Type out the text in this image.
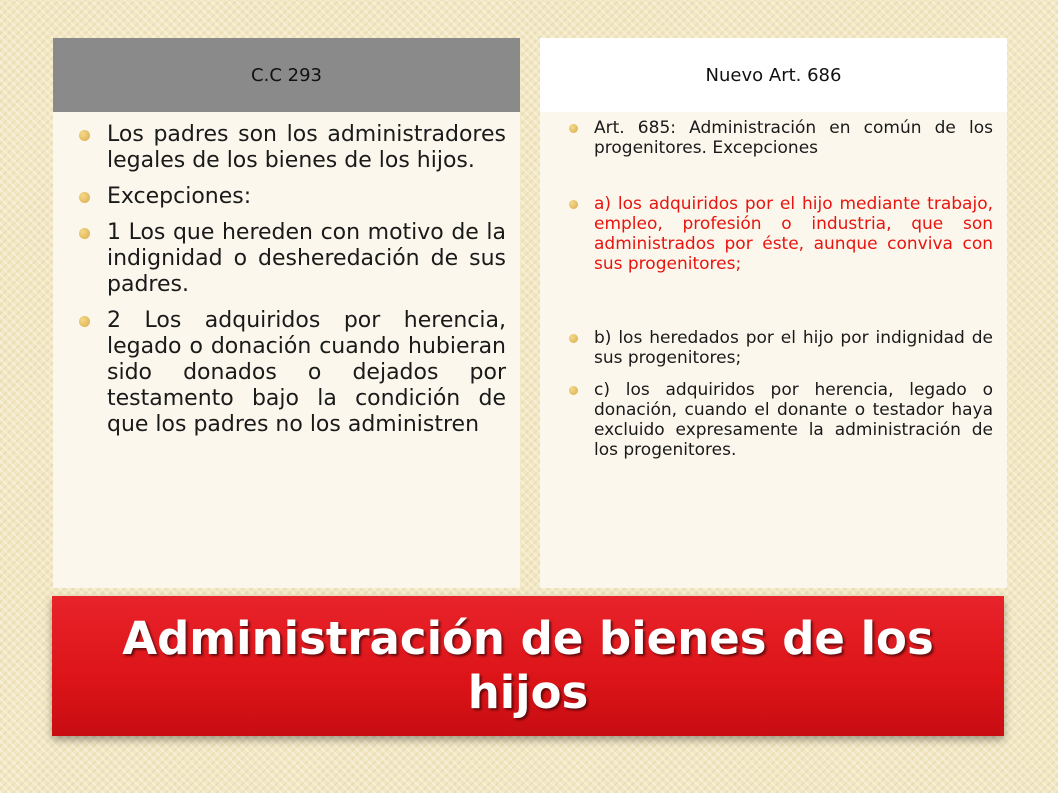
C.C 293
Los padres son los administradores legales de los bienes de los hijos.
Excepciones:
1 Los que hereden con motivo de la indignidad o desheredación de sus padres.
2 Los adquiridos por herencia, legado o donación cuando hubieran sido donados o dejados por testamento bajo la condición de que los padres no los administren
Nuevo Art. 686
Art. 685: Administración en común de los progenitores. Excepciones
a) los adquiridos por el hijo mediante trabajo, empleo, profesión o industria, que son administrados por éste, aunque conviva con sus progenitores;
b) los heredados por el hijo por indignidad de sus progenitores;
c) los adquiridos por herencia, legado o donación, cuando el donante o testador haya excluido expresamente la administración de los progenitores.
Administración de bienes de los hijos
